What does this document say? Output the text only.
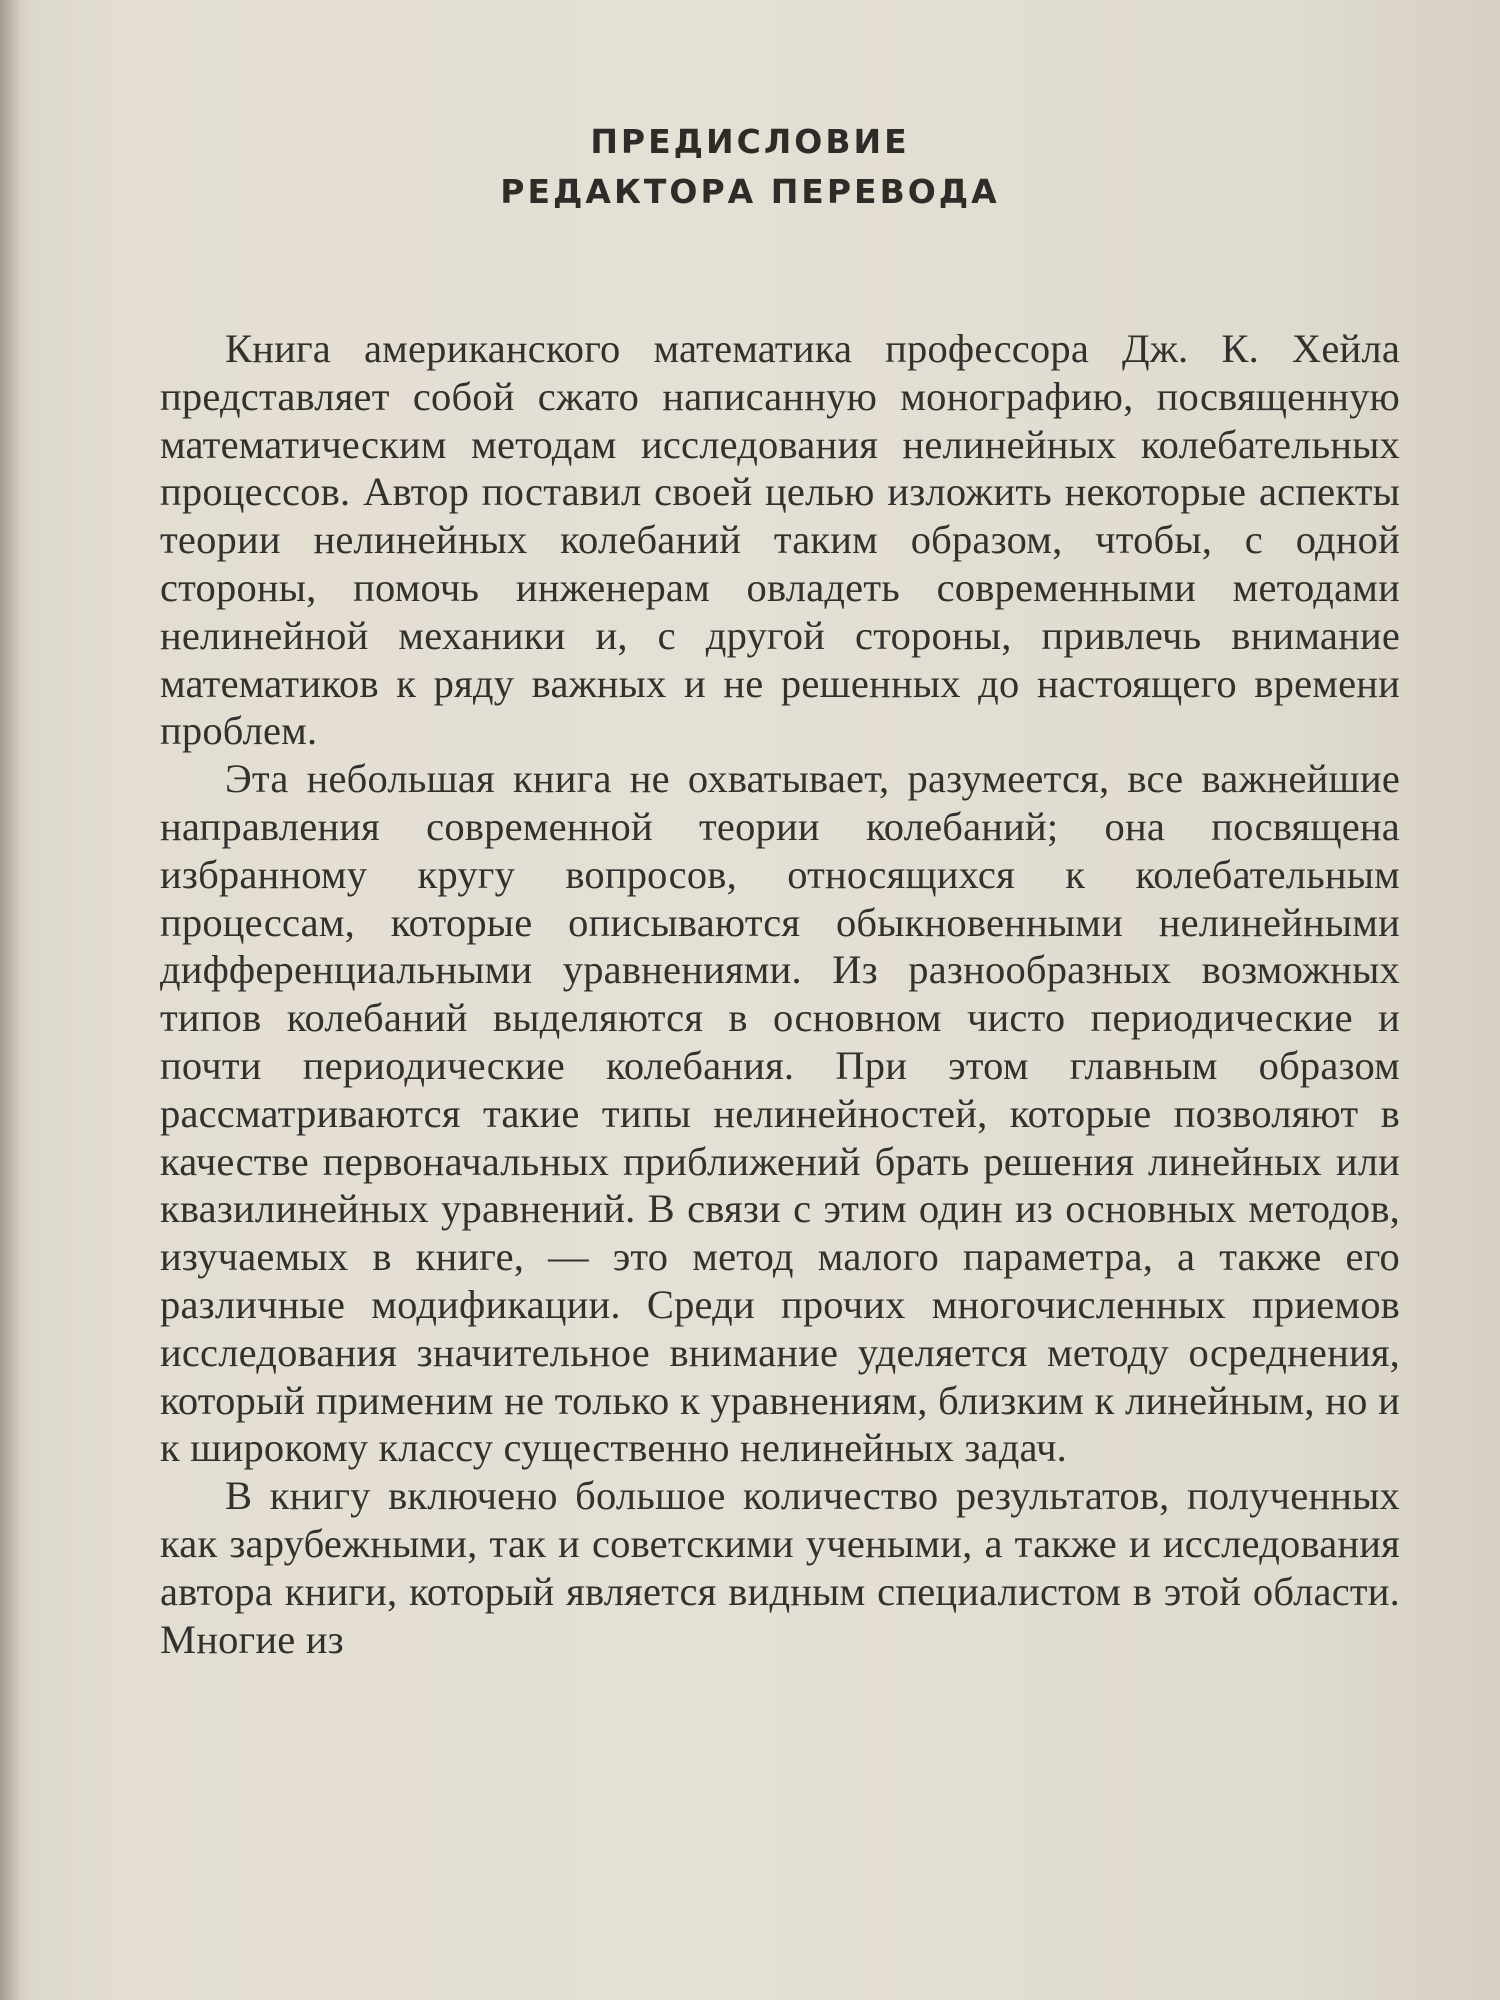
ПРЕДИСЛОВИЕ
РЕДАКТОРА ПЕРЕВОДА

Книга американского математика профессора Дж. К. Хейла представляет собой сжато написанную монографию, посвященную математическим методам исследования нелинейных колебательных процессов. Автор поставил своей целью изложить некоторые аспекты теории нелинейных колебаний таким образом, чтобы, с одной стороны, помочь инженерам овладеть современными методами нелинейной механики и, с другой стороны, привлечь внимание математиков к ряду важных и не решенных до настоящего времени проблем.

Эта небольшая книга не охватывает, разумеется, все важнейшие направления современной теории колебаний; она посвящена избранному кругу вопросов, относящихся к колебательным процессам, которые описываются обыкновенными нелинейными дифференциальными уравнениями. Из разнообразных возможных типов колебаний выделяются в основном чисто периодические и почти периодические колебания. При этом главным образом рассматриваются такие типы нелинейностей, которые позволяют в качестве первоначальных приближений брать решения линейных или квазилинейных уравнений. В связи с этим один из основных методов, изучаемых в книге, — это метод малого параметра, а также его различные модификации. Среди прочих многочисленных приемов исследования значительное внимание уделяется методу осреднения, который применим не только к уравнениям, близким к линейным, но и к широкому классу существенно нелинейных задач.

В книгу включено большое количество результатов, полученных как зарубежными, так и советскими учеными, а также и исследования автора книги, который является видным специалистом в этой области. Многие из
